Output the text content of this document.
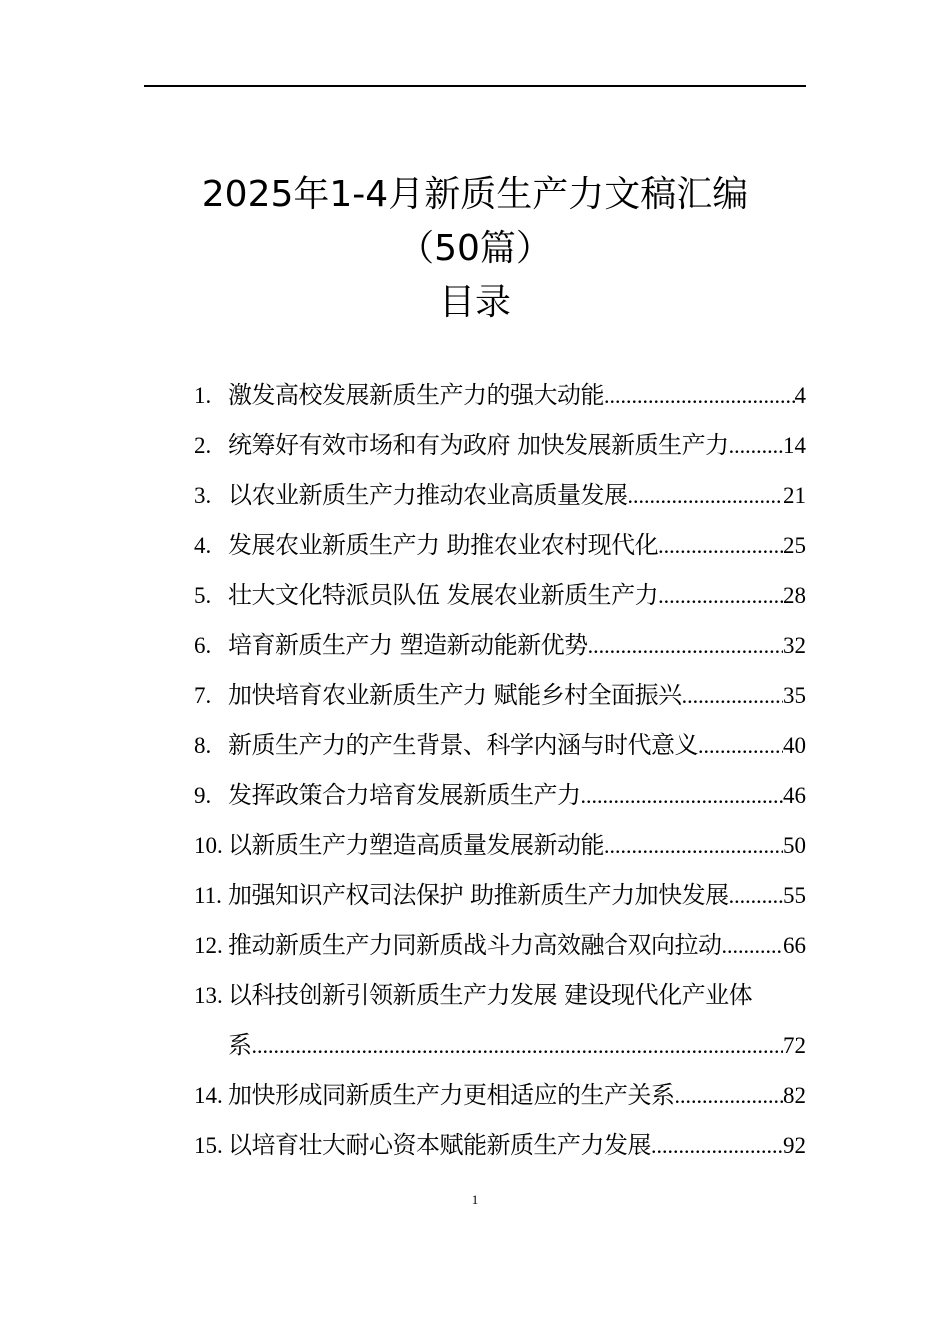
2025年1-4月新质生产力文稿汇编
（50篇）
目录
1. 激发高校发展新质生产力的强大动能 .....	4
2. 统筹好有效市场和有为政府 加快发展新质生产力 ..... 14
3. 以农业新质生产力推动农业高质量发展 .....	21
4. 发展农业新质生产力 助推农业农村现代化 .....	25
5. 壮大文化特派员队伍 发展农业新质生产力 .....	28
6. 培育新质生产力 塑造新动能新优势 .....	32
7. 加快培育农业新质生产力 赋能乡村全面振兴 .....	35
8. 新质生产力的产生背景、科学内涵与时代意义 .....	40
9. 发挥政策合力培育发展新质生产力 .....	46
10. 以新质生产力塑造高质量发展新动能 .....	50
11. 加强知识产权司法保护 助推新质生产力加快发展 ..... 55
12. 推动新质生产力同新质战斗力高效融合双向拉动 .....	66
13. 以科技创新引领新质生产力发展 建设现代化产业体
系 .....	72
14. 加快形成同新质生产力更相适应的生产关系 .....	82
15. 以培育壮大耐心资本赋能新质生产力发展 .....	92
1
